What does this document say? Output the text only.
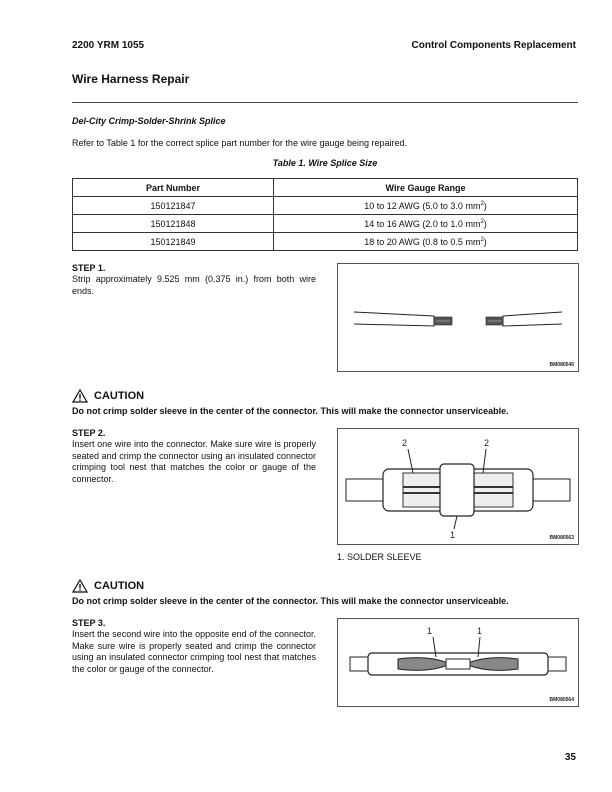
2200 YRM 1055	Control Components Replacement
Wire Harness Repair
Del-City Crimp-Solder-Shrink Splice
Refer to Table 1 for the correct splice part number for the wire gauge being repaired.
Table 1. Wire Splice Size
Part Number	Wire Gauge Range
150121847	10 to 12 AWG (5.0 to 3.0 $mm^2$)
150121848	14 to 16 AWG (2.0 to 1.0 $mm^2$)
150121849	18 to 20 AWG (0.8 to 0.5 $mm^2$)
STEP 1.
Strip approximately 9.525 mm (0.375 in.) from both wire ends.
BM080546
CAUTION
Do not crimp solder sleeve in the center of the connector. This will make the connector unserviceable.
STEP 2.
Insert one wire into the connector. Make sure wire is properly seated and crimp the connector using an insulated connector crimping tool nest that matches the color or gauge of the connector.
2	2
1	BM080563
1. SOLDER SLEEVE
CAUTION
Do not crimp solder sleeve in the center of the connector. This will make the connector unserviceable.
STEP 3.
Insert the second wire into the opposite end of the connector. Make sure wire is properly seated and crimp the connector using an insulated connector crimping tool nest that matches the color or gauge of the connector.
1	1
BM080564
35
